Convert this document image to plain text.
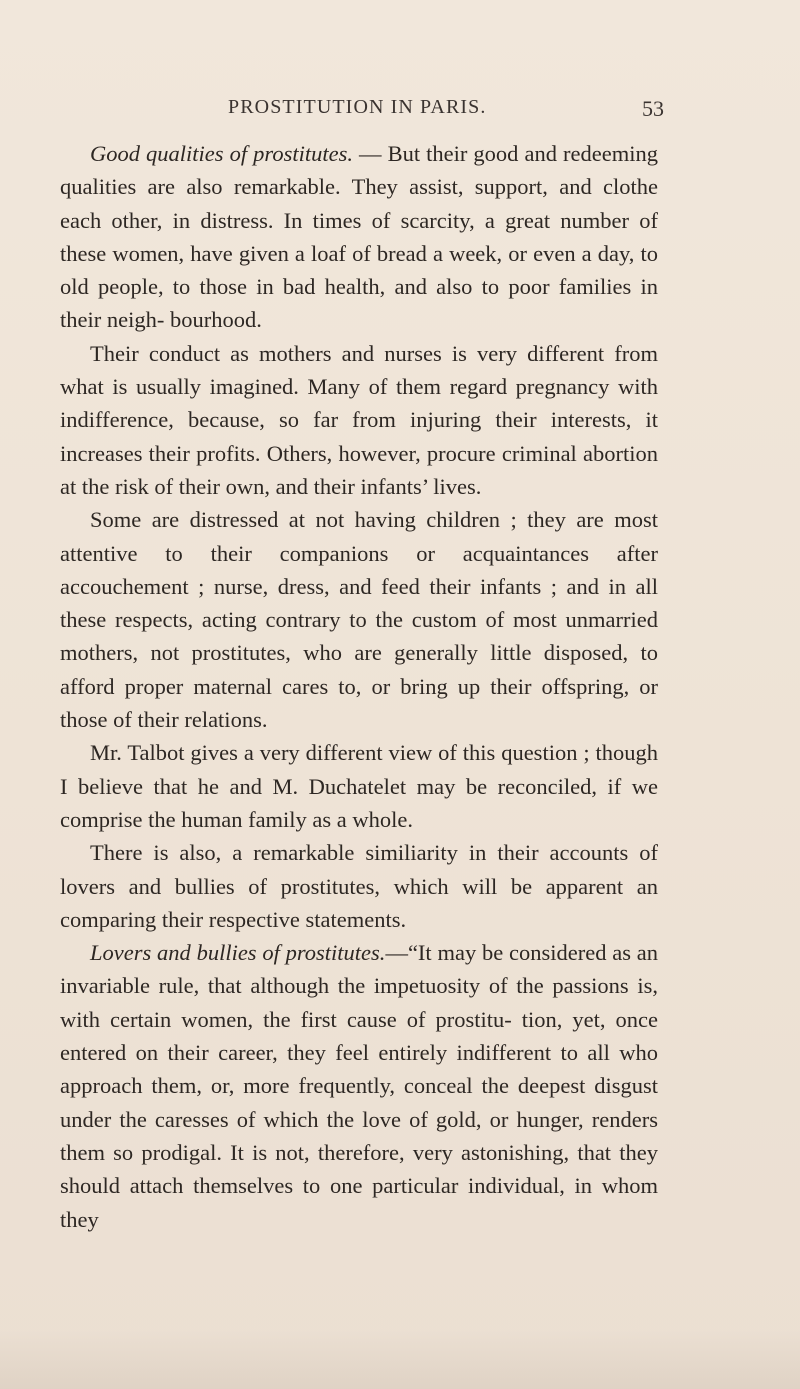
PROSTITUTION IN PARIS.	53

Good qualities of prostitutes. — But their good and redeeming qualities are also remarkable. They assist, support, and clothe each other, in distress. In times of scarcity, a great number of these women, have given a loaf of bread a week, or even a day, to old people, to those in bad health, and also to poor families in their neigh- bourhood.

Their conduct as mothers and nurses is very different from what is usually imagined. Many of them regard pregnancy with indifference, because, so far from injuring their interests, it increases their profits. Others, however, procure criminal abortion at the risk of their own, and their infants’ lives.

Some are distressed at not having children ; they are most attentive to their companions or acquaintances after accouchement ; nurse, dress, and feed their infants ; and in all these respects, acting contrary to the custom of most unmarried mothers, not prostitutes, who are generally little disposed, to afford proper maternal cares to, or bring up their offspring, or those of their relations.

Mr. Talbot gives a very different view of this question ; though I believe that he and M. Duchatelet may be reconciled, if we comprise the human family as a whole.

There is also, a remarkable similiarity in their accounts of lovers and bullies of prostitutes, which will be apparent an comparing their respective statements.

Lovers and bullies of prostitutes.—“It may be considered as an invariable rule, that although the impetuosity of the passions is, with certain women, the first cause of prostitu- tion, yet, once entered on their career, they feel entirely indifferent to all who approach them, or, more frequently, conceal the deepest disgust under the caresses of which the love of gold, or hunger, renders them so prodigal. It is not, therefore, very astonishing, that they should attach themselves to one particular individual, in whom they
